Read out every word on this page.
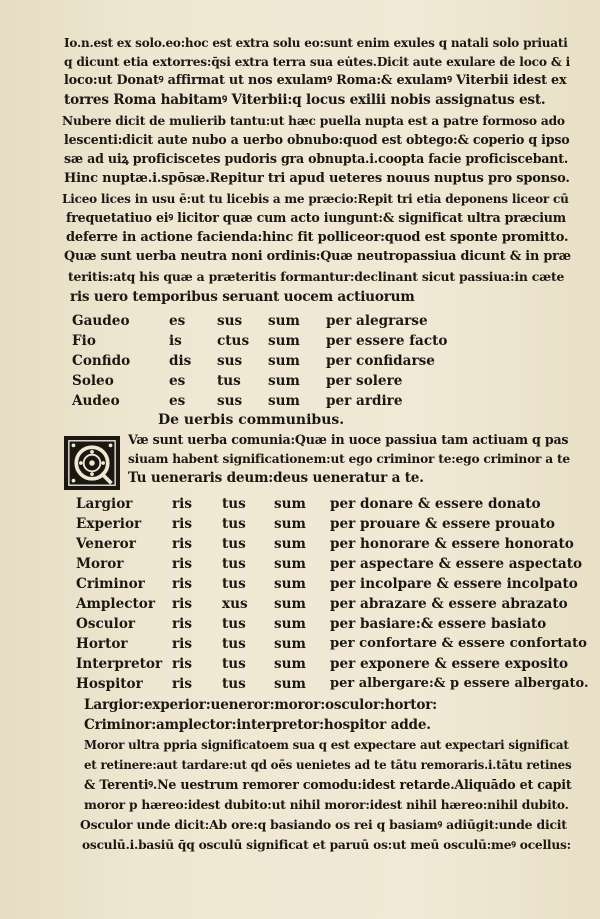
Io.n.est ex solo.eo:hoc est extra solu eo:sunt enim exules q natali solo priuati
q dicunt etia extorres:q̄si extra terra sua eu̇tes.Dicit aute exulare de loco & i
loco:ut Donatꝰ affirmat ut nos exulamꝰ Roma:& exulamꝰ Viterbii idest ex
torres Roma habitamꝰ Viterbii:q locus exilii nobis assignatus est.
Nubere dicit de mulierib tantu:ut hæc puella nupta est a patre formoso ado
lescenti:dicit aute nubo a uerbo obnubo:quod est obtego:& coperio q ipso
sæ ad uiꝝ proficiscetes pudoris gra obnupta.i.coopta facie proficiscebant.
Hinc nuptæ.i.spōsæ.Repitur tri apud ueteres nouus nuptus pro sponso.
Liceo lices in usu ē:ut tu licebis a me præcio:Repit tri etia deponens liceor cū
frequetatiuo eiꝰ licitor quæ cum acto iungunt:& significat ultra præcium
deferre in actione facienda:hinc fit polliceor:quod est sponte promitto.
Quæ sunt uerba neutra noni ordinis:Quæ neutropassiua dicunt & in præ
teritis:atq his quæ a præteritis formantur:declinant sicut passiua:in cæte
ris uero temporibus seruant uocem actiuorum
Gaudeo	es sus sum per alegrarse
Fio	is	ctus sum per essere facto
Confido	dis sus sum per confidarse
Soleo	es tus sum per solere
Audeo	es sus sum per ardire
De uerbis communibus.
Væ sunt uerba comunia:Quæ in uoce passiua tam actiuam q pas
siuam habent significationem:ut ego criminor te:ego criminor a te
Tu ueneraris deum:deus ueneratur a te.
Largior	ris tus sum per donare & essere donato
Experior ris tus sum per prouare & essere prouato
Veneror	ris tus sum per honorare & essere honorato
Moror	ris tus sum per aspectare & essere aspectato
Criminor ris tus sum per incolpare & essere incolpato
Amplector ris xus sum per abrazare & essere abrazato
Osculor	ris tus sum per basiare:& essere basiato
Hortor	ris tus sum per confortare & essere confortato
Interpretor ris tus sum per exponere & essere exposito
Hospitor ris tus sum per albergare:& p essere albergato.
Largior:experior:ueneror:moror:osculor:hortor:
Criminor:amplector:interpretor:hospitor adde.
Moror ultra ppria significatoem sua q est expectare aut expectari significat
et retinere:aut tardare:ut qd oēs uenietes ad te tātu remoraris.i.tātu retines
& Terentiꝰ.Ne uestrum remorer comodu:idest retarde.Aliquādo et capit
moror p hæreo:idest dubito:ut nihil moror:idest nihil hæreo:nihil dubito.
Osculor unde dicit:Ab ore:q basiando os rei q basiamꝰ adiūgit:unde dicit
osculū.i.basiū q̄q osculū significat et paruū os:ut meū osculū:meꝰ ocellus:
